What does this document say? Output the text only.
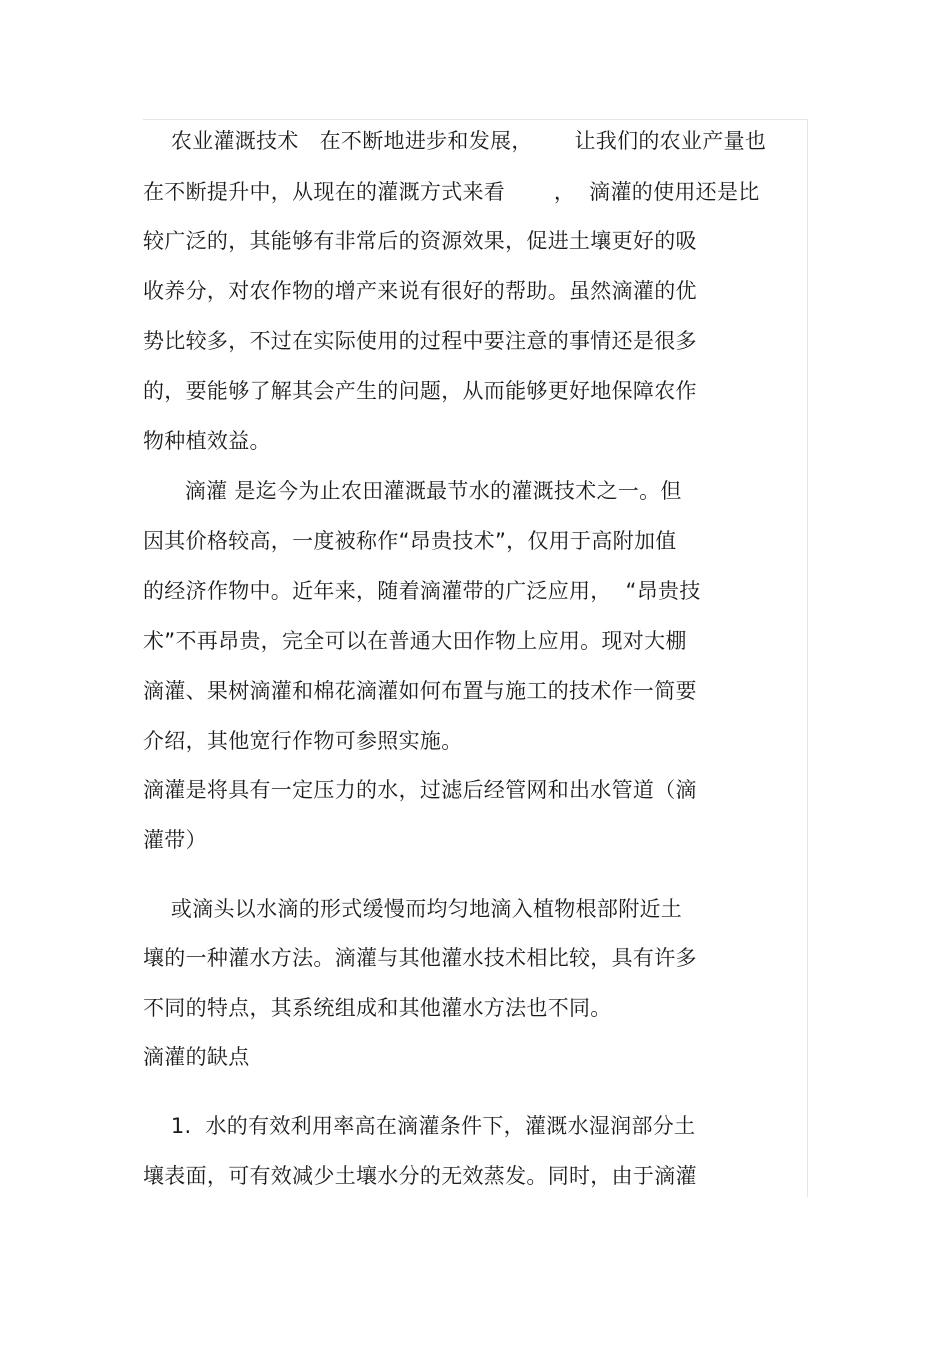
农业灌溉技术   在不断地进步和发展，      让我们的农业产量也
在不断提升中，从现在的灌溉方式来看       ，  滴灌的使用还是比
较广泛的，其能够有非常后的资源效果，促进土壤更好的吸
收养分，对农作物的增产来说有很好的帮助。虽然滴灌的优
势比较多，不过在实际使用的过程中要注意的事情还是很多
的，要能够了解其会产生的问题，从而能够更好地保障农作
物种植效益。
滴灌 是迄今为止农田灌溉最节水的灌溉技术之一。但
因其价格较高，一度被称作“昂贵技术”，仅用于高附加值
的经济作物中。近年来，随着滴灌带的广泛应用，  “昂贵技
术”不再昂贵，完全可以在普通大田作物上应用。现对大棚
滴灌、果树滴灌和棉花滴灌如何布置与施工的技术作一简要
介绍，其他宽行作物可参照实施。
滴灌是将具有一定压力的水，过滤后经管网和出水管道（滴
灌带）
或滴头以水滴的形式缓慢而均匀地滴入植物根部附近土
壤的一种灌水方法。滴灌与其他灌水技术相比较，具有许多
不同的特点，其系统组成和其他灌水方法也不同。
滴灌的缺点
1.  水的有效利用率高在滴灌条件下，灌溉水湿润部分土
壤表面，可有效减少土壤水分的无效蒸发。同时，由于滴灌
